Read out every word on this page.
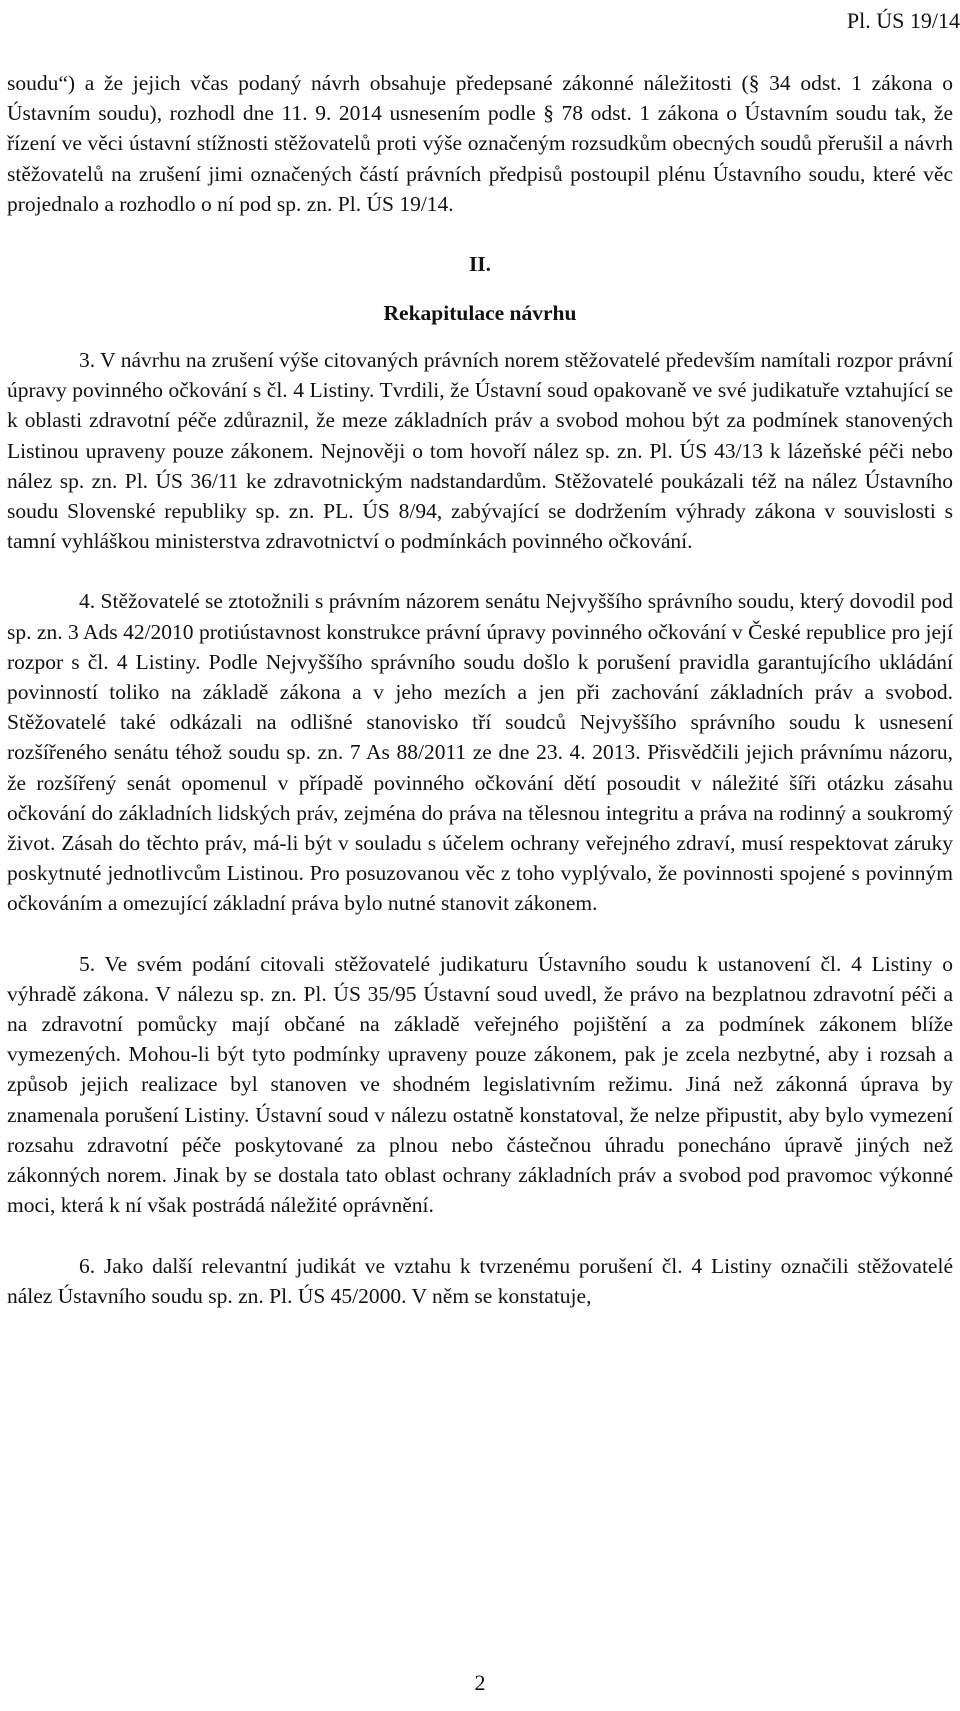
Pl. ÚS 19/14

soudu“) a že jejich včas podaný návrh obsahuje předepsané zákonné náležitosti (§ 34 odst. 1 zákona o Ústavním soudu), rozhodl dne 11. 9. 2014 usnesením podle § 78 odst. 1 zákona o Ústavním soudu tak, že řízení ve věci ústavní stížnosti stěžovatelů proti výše označeným rozsudkům obecných soudů přerušil a návrh stěžovatelů na zrušení jimi označených částí právních předpisů postoupil plénu Ústavního soudu, které věc projednalo a rozhodlo o ní pod sp. zn. Pl. ÚS 19/14.

II.

Rekapitulace návrhu

3. V návrhu na zrušení výše citovaných právních norem stěžovatelé především namítali rozpor právní úpravy povinného očkování s čl. 4 Listiny. Tvrdili, že Ústavní soud opakovaně ve své judikatuře vztahující se k oblasti zdravotní péče zdůraznil, že meze základních práv a svobod mohou být za podmínek stanovených Listinou upraveny pouze zákonem. Nejnověji o tom hovoří nález sp. zn. Pl. ÚS 43/13 k lázeňské péči nebo nález sp. zn. Pl. ÚS 36/11 ke zdravotnickým nadstandardům. Stěžovatelé poukázali též na nález Ústavního soudu Slovenské republiky sp. zn. PL. ÚS 8/94, zabývající se dodržením výhrady zákona v souvislosti s tamní vyhláškou ministerstva zdravotnictví o podmínkách povinného očkování.

4. Stěžovatelé se ztotožnili s právním názorem senátu Nejvyššího správního soudu, který dovodil pod sp. zn. 3 Ads 42/2010 protiústavnost konstrukce právní úpravy povinného očkování v České republice pro její rozpor s čl. 4 Listiny. Podle Nejvyššího správního soudu došlo k porušení pravidla garantujícího ukládání povinností toliko na základě zákona a v jeho mezích a jen při zachování základních práv a svobod. Stěžovatelé také odkázali na odlišné stanovisko tří soudců Nejvyššího správního soudu k usnesení rozšířeného senátu téhož soudu sp. zn. 7 As 88/2011 ze dne 23. 4. 2013. Přisvědčili jejich právnímu názoru, že rozšířený senát opomenul v případě povinného očkování dětí posoudit v náležité šíři otázku zásahu očkování do základních lidských práv, zejména do práva na tělesnou integritu a práva na rodinný a soukromý život. Zásah do těchto práv, má-li být v souladu s účelem ochrany veřejného zdraví, musí respektovat záruky poskytnuté jednotlivcům Listinou. Pro posuzovanou věc z toho vyplývalo, že povinnosti spojené s povinným očkováním a omezující základní práva bylo nutné stanovit zákonem.

5. Ve svém podání citovali stěžovatelé judikaturu Ústavního soudu k ustanovení čl. 4 Listiny o výhradě zákona. V nálezu sp. zn. Pl. ÚS 35/95 Ústavní soud uvedl, že právo na bezplatnou zdravotní péči a na zdravotní pomůcky mají občané na základě veřejného pojištění a za podmínek zákonem blíže vymezených. Mohou-li být tyto podmínky upraveny pouze zákonem, pak je zcela nezbytné, aby i rozsah a způsob jejich realizace byl stanoven ve shodném legislativním režimu. Jiná než zákonná úprava by znamenala porušení Listiny. Ústavní soud v nálezu ostatně konstatoval, že nelze připustit, aby bylo vymezení rozsahu zdravotní péče poskytované za plnou nebo částečnou úhradu ponecháno úpravě jiných než zákonných norem. Jinak by se dostala tato oblast ochrany základních práv a svobod pod pravomoc výkonné moci, která k ní však postrádá náležité oprávnění.

6. Jako další relevantní judikát ve vztahu k tvrzenému porušení čl. 4 Listiny označili stěžovatelé nález Ústavního soudu sp. zn. Pl. ÚS 45/2000. V něm se konstatuje,

2
